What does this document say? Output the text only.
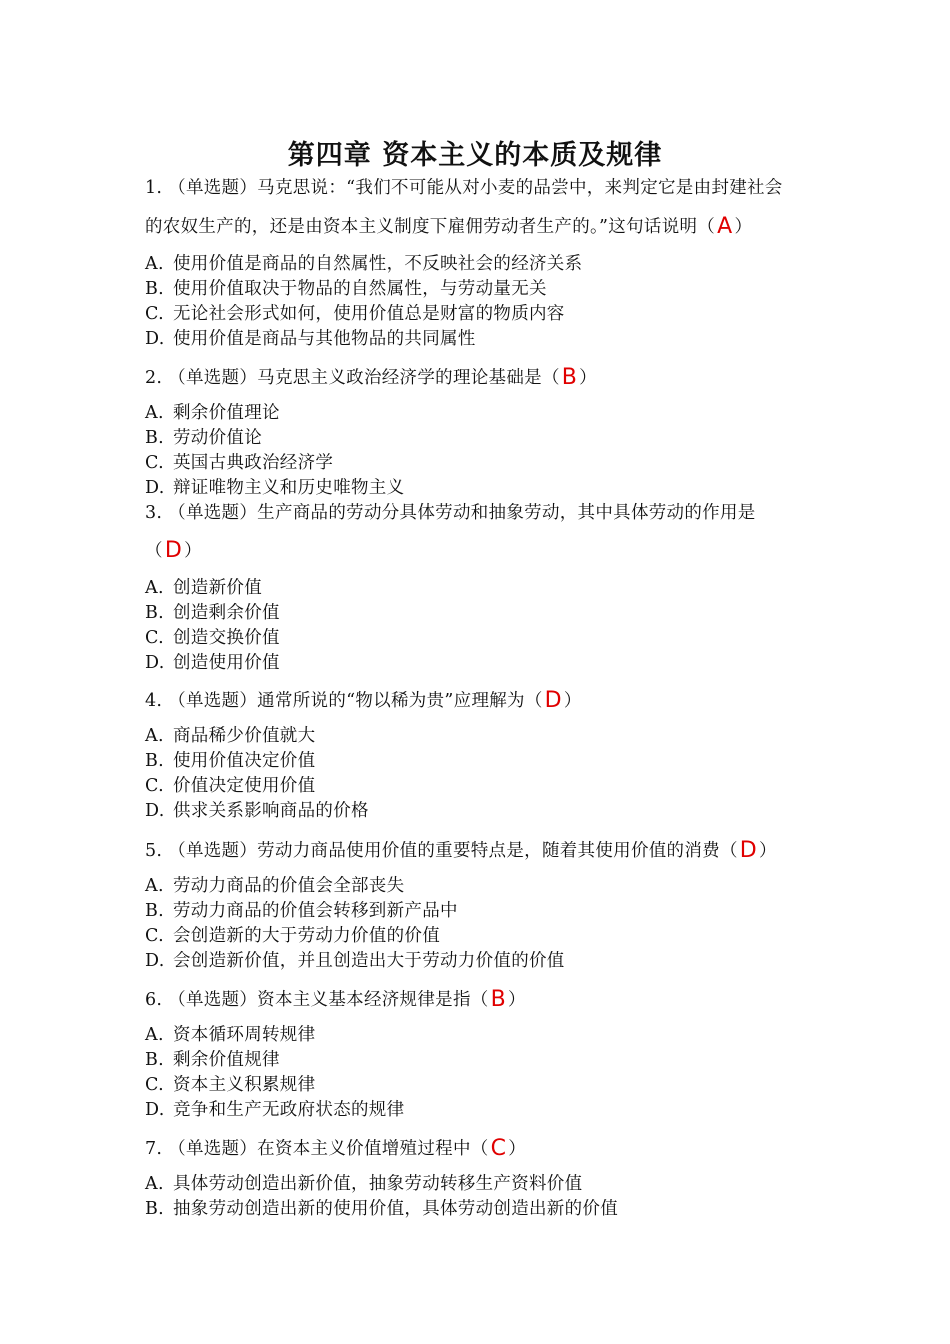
第四章 资本主义的本质及规律
1. （单选题）马克思说：“我们不可能从对小麦的品尝中，来判定它是由封建社会
的农奴生产的，还是由资本主义制度下雇佣劳动者生产的。”这句话说明（A ）
A. 使用价值是商品的自然属性，不反映社会的经济关系
B. 使用价值取决于物品的自然属性，与劳动量无关
C. 无论社会形式如何，使用价值总是财富的物质内容
D. 使用价值是商品与其他物品的共同属性
2. （单选题）马克思主义政治经济学的理论基础是（B ）
A. 剩余价值理论
B. 劳动价值论
C. 英国古典政治经济学
D. 辩证唯物主义和历史唯物主义
3. （单选题）生产商品的劳动分具体劳动和抽象劳动，其中具体劳动的作用是
（D ）
A. 创造新价值
B. 创造剩余价值
C. 创造交换价值
D. 创造使用价值
4. （单选题）通常所说的“物以稀为贵”应理解为（D ）
A. 商品稀少价值就大
B. 使用价值决定价值
C. 价值决定使用价值
D. 供求关系影响商品的价格
5. （单选题）劳动力商品使用价值的重要特点是，随着其使用价值的消费（D ）
A. 劳动力商品的价值会全部丧失
B. 劳动力商品的价值会转移到新产品中
C. 会创造新的大于劳动力价值的价值
D. 会创造新价值，并且创造出大于劳动力价值的价值
6. （单选题）资本主义基本经济规律是指（B ）
A. 资本循环周转规律
B. 剩余价值规律
C. 资本主义积累规律
D. 竞争和生产无政府状态的规律
7. （单选题）在资本主义价值增殖过程中（C ）
A. 具体劳动创造出新价值，抽象劳动转移生产资料价值
B. 抽象劳动创造出新的使用价值，具体劳动创造出新的价值
